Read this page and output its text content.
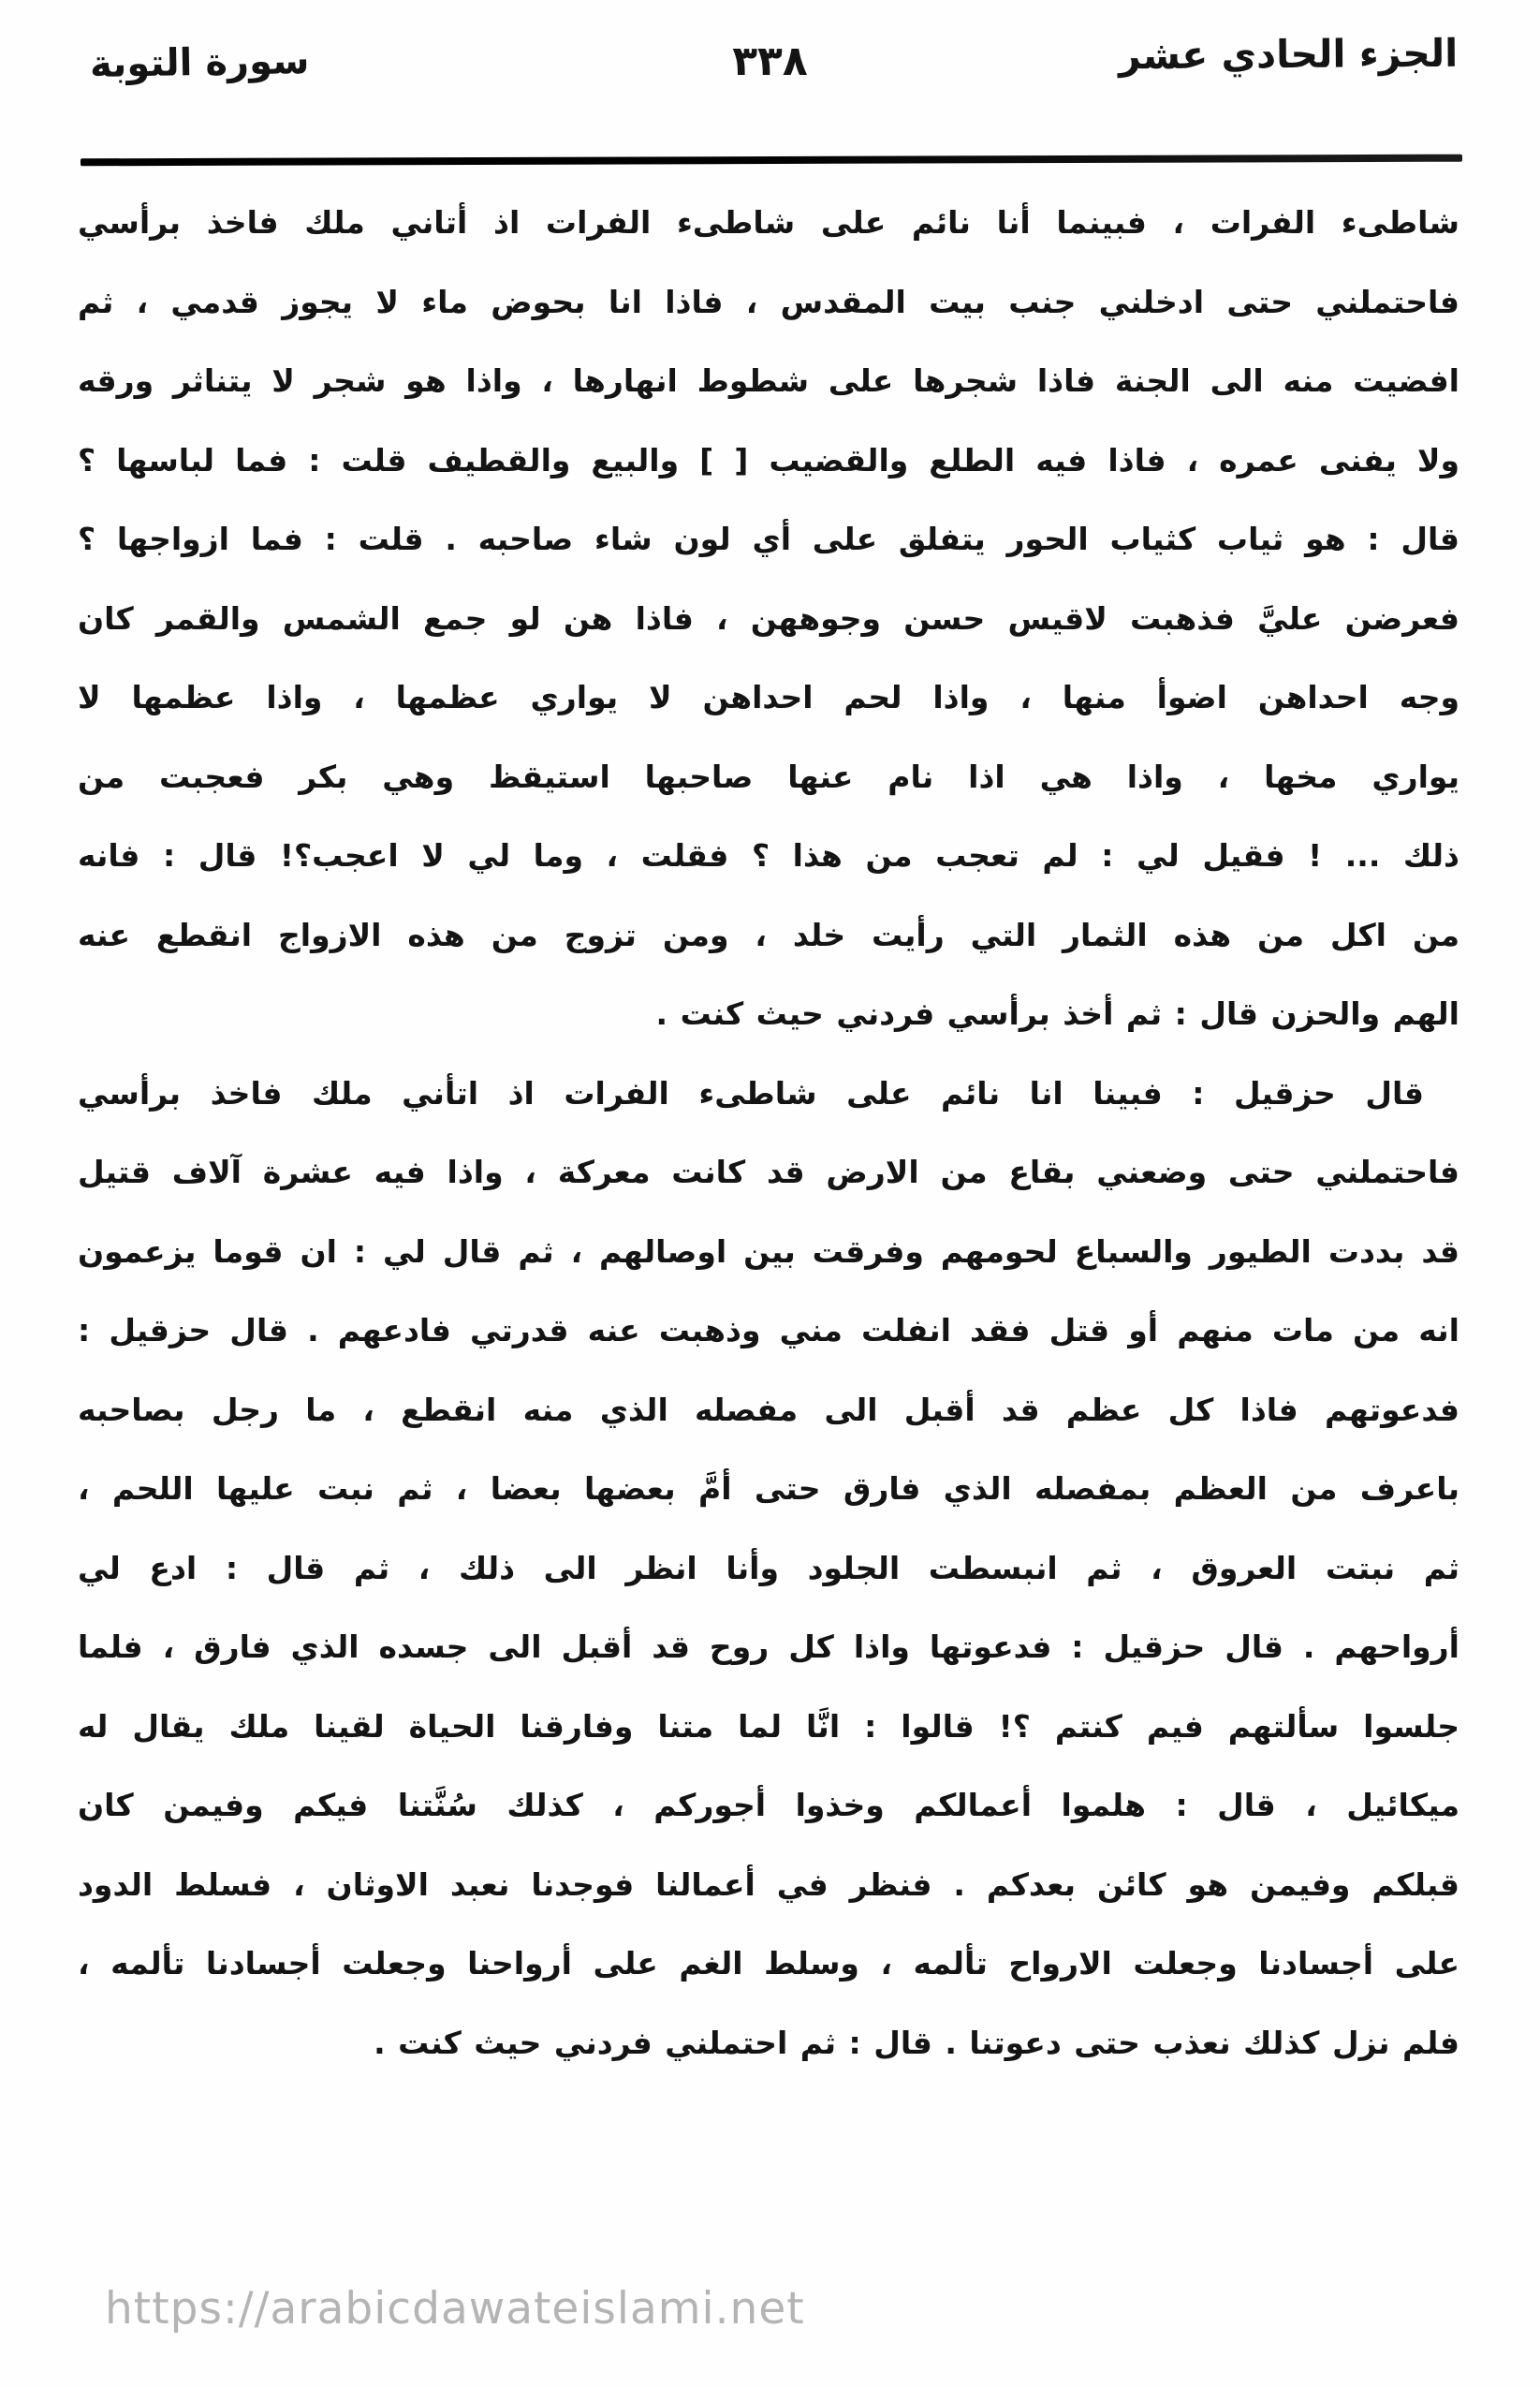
الجزء الحادي عشر
٣٣٨
سورة التوبة
شاطىء الفرات ، فبينما أنا نائم على شاطىء الفرات اذ أتاني ملك فاخذ برأسي
فاحتملني حتى ادخلني جنب بيت المقدس ، فاذا انا بحوض ماء لا يجوز قدمي ، ثم
افضيت منه الى الجنة فاذا شجرها على شطوط انهارها ، واذا هو شجر لا يتناثر ورقه
ولا يفنى عمره ، فاذا فيه الطلع والقضيب [ ] والبيع والقطيف قلت : فما لباسها ؟
قال : هو ثياب كثياب الحور يتفلق على أي لون شاء صاحبه . قلت : فما ازواجها ؟
فعرضن عليَّ فذهبت لاقيس حسن وجوههن ، فاذا هن لو جمع الشمس والقمر كان
وجه احداهن اضوأ منها ، واذا لحم احداهن لا يواري عظمها ، واذا عظمها لا
يواري مخها ، واذا هي اذا نام عنها صاحبها استيقظ وهي بكر فعجبت من
ذلك ... ! فقيل لي : لم تعجب من هذا ؟ فقلت ، وما لي لا اعجب؟! قال : فانه
من اكل من هذه الثمار التي رأيت خلد ، ومن تزوج من هذه الازواج انقطع عنه
الهم والحزن قال : ثم أخذ برأسي فردني حيث كنت .
قال حزقيل : فبينا انا نائم على شاطىء الفرات اذ اتأني ملك فاخذ برأسي
فاحتملني حتى وضعني بقاع من الارض قد كانت معركة ، واذا فيه عشرة آلاف قتيل
قد بددت الطيور والسباع لحومهم وفرقت بين اوصالهم ، ثم قال لي : ان قوما يزعمون
انه من مات منهم أو قتل فقد انفلت مني وذهبت عنه قدرتي فادعهم . قال حزقيل :
فدعوتهم فاذا كل عظم قد أقبل الى مفصله الذي منه انقطع ، ما رجل بصاحبه
باعرف من العظم بمفصله الذي فارق حتى أمَّ بعضها بعضا ، ثم نبت عليها اللحم ،
ثم نبتت العروق ، ثم انبسطت الجلود وأنا انظر الى ذلك ، ثم قال : ادع لي
أرواحهم . قال حزقيل : فدعوتها واذا كل روح قد أقبل الى جسده الذي فارق ، فلما
جلسوا سألتهم فيم كنتم ؟! قالوا : انَّا لما متنا وفارقنا الحياة لقينا ملك يقال له
ميكائيل ، قال : هلموا أعمالكم وخذوا أجوركم ، كذلك سُنَّتنا فيكم وفيمن كان
قبلكم وفيمن هو كائن بعدكم . فنظر في أعمالنا فوجدنا نعبد الاوثان ، فسلط الدود
على أجسادنا وجعلت الارواح تألمه ، وسلط الغم على أرواحنا وجعلت أجسادنا تألمه ،
فلم نزل كذلك نعذب حتى دعوتنا . قال : ثم احتملني فردني حيث كنت .
https://arabicdawateislami.net
